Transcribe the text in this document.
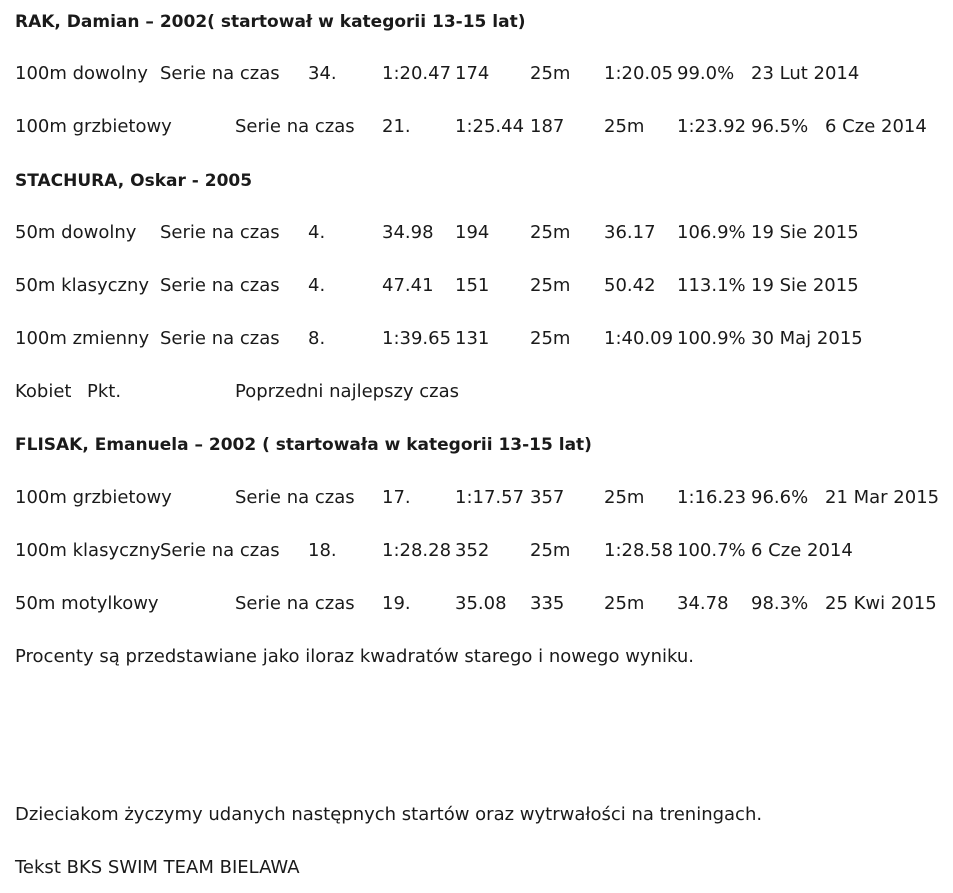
RAK, Damian – 2002( startował w kategorii 13-15 lat)
100m dowolny Serie na czas 34.	1:20.47 174 25m 1:20.05 99.0% 23 Lut 2014
100m grzbietowy	Serie na czas 21. 1:25.44 187 25m 1:23.92 96.5% 6 Cze 2014
STACHURA, Oskar - 2005
50m dowolny Serie na czas 4.	34.98 194 25m 36.17 106.9% 19 Sie 2015
50m klasyczny Serie na czas 4.	47.41 151 25m 50.42 113.1% 19 Sie 2015
100m zmienny Serie na czas 8.	1:39.65 131 25m 1:40.09 100.9% 30 Maj 2015
Kobiet Pkt.	Poprzedni najlepszy czas
FLISAK, Emanuela – 2002 ( startowała w kategorii 13-15 lat)
100m grzbietowy	Serie na czas 17. 1:17.57 357 25m 1:16.23 96.6% 21 Mar 2015
100m klasyczny Serie na czas 18.	1:28.28 352 25m 1:28.58 100.7% 6 Cze 2014
50m motylkowy	Serie na czas 19. 35.08 335 25m 34.78 98.3% 25 Kwi 2015
Procenty są przedstawiane jako iloraz kwadratów starego i nowego wyniku.
Dzieciakom życzymy udanych następnych startów oraz wytrwałości na treningach.
Tekst BKS SWIM TEAM BIELAWA
